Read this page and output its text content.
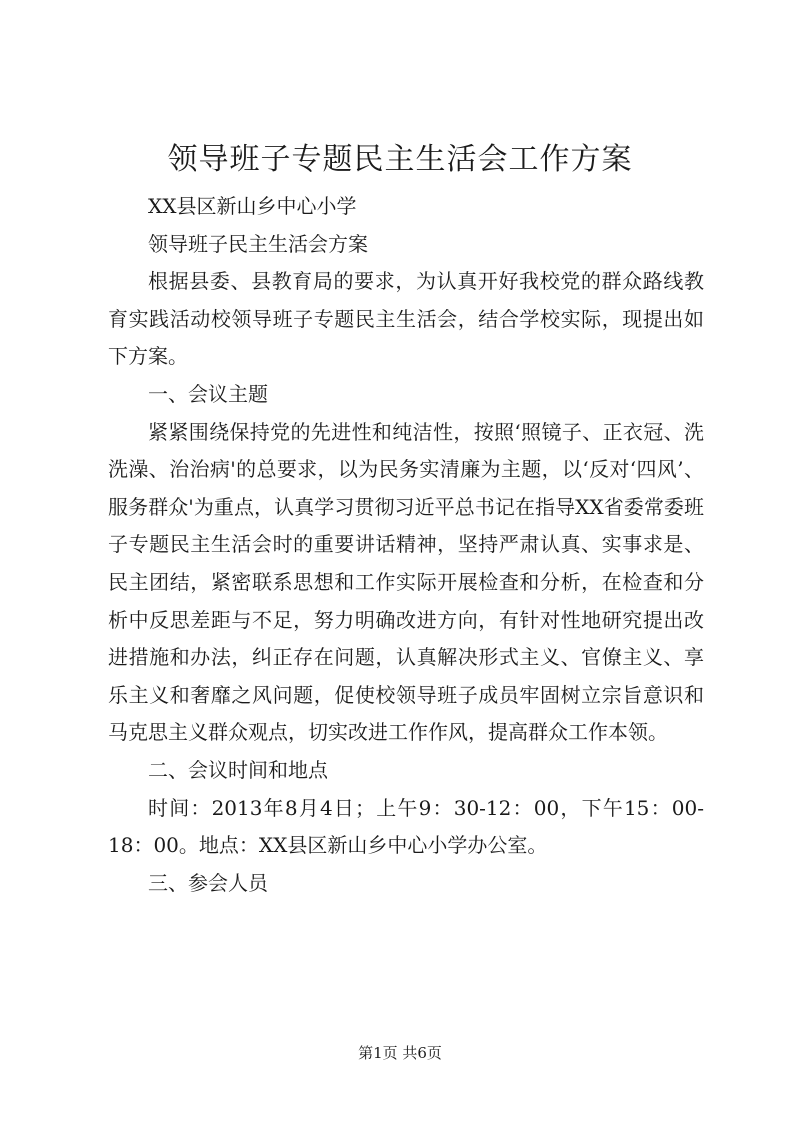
领导班子专题民主生活会工作方案

XX县区新山乡中心小学

领导班子民主生活会方案

根据县委、县教育局的要求，为认真开好我校党的群众路线教育实践活动校领导班子专题民主生活会，结合学校实际，现提出如下方案。

一、会议主题

紧紧围绕保持党的先进性和纯洁性，按照‘照镜子、正衣冠、洗洗澡、治治病'的总要求，以为民务实清廉为主题，以‘反对‘四风’、服务群众'为重点，认真学习贯彻习近平总书记在指导XX省委常委班子专题民主生活会时的重要讲话精神，坚持严肃认真、实事求是、民主团结，紧密联系思想和工作实际开展检查和分析，在检查和分析中反思差距与不足，努力明确改进方向，有针对性地研究提出改进措施和办法，纠正存在问题，认真解决形式主义、官僚主义、享乐主义和奢靡之风问题，促使校领导班子成员牢固树立宗旨意识和马克思主义群众观点，切实改进工作作风，提高群众工作本领。

二、会议时间和地点

时间：2013年8月4日；上午9：30-12：00，下午15：00-18：00。地点：XX县区新山乡中心小学办公室。

三、参会人员

第1页 共6页
